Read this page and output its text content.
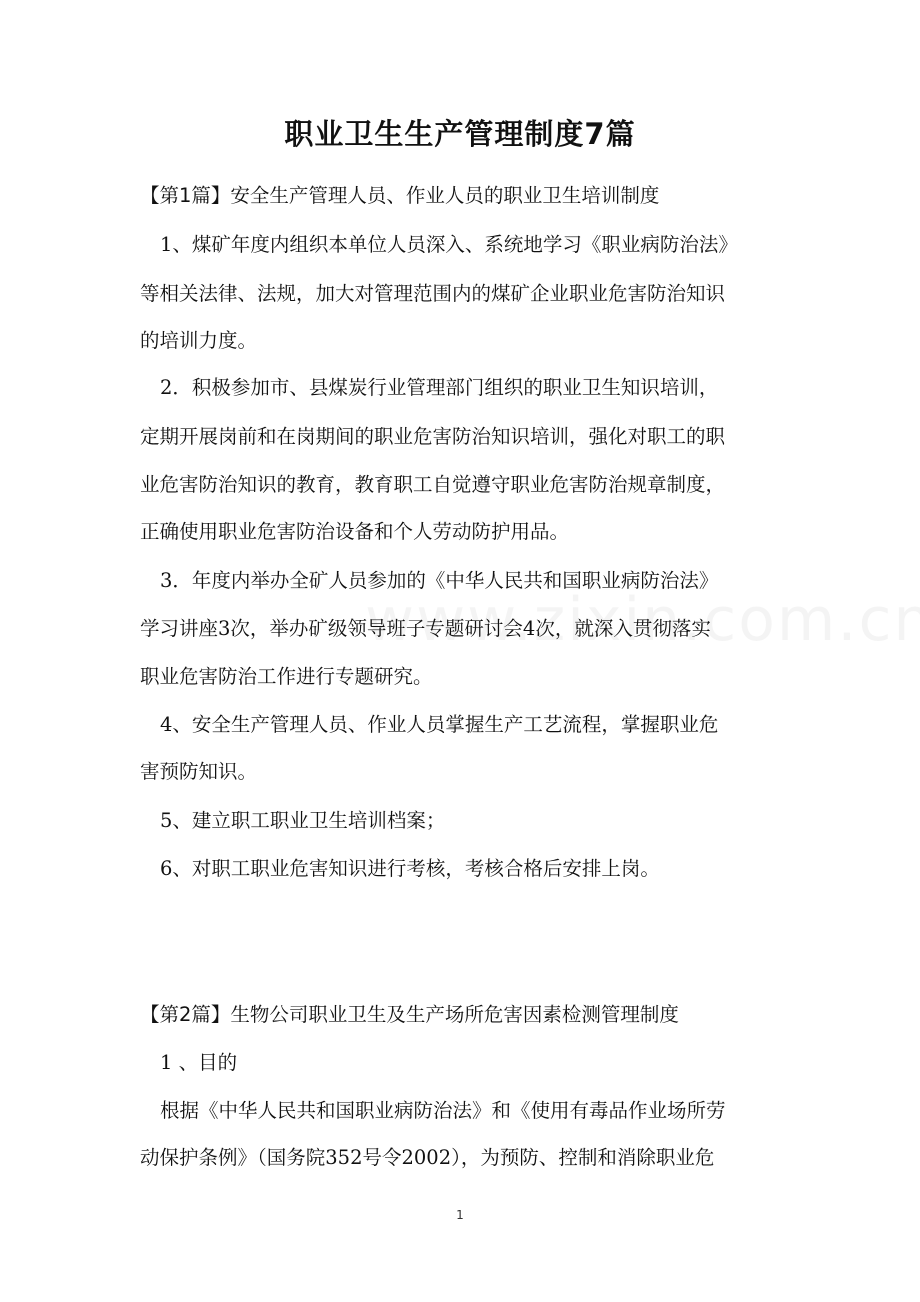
职业卫生生产管理制度7篇

【第1篇】安全生产管理人员、作业人员的职业卫生培训制度

1、煤矿年度内组织本单位人员深入、系统地学习《职业病防治法》

等相关法律、法规，加大对管理范围内的煤矿企业职业危害防治知识

的培训力度。

2．积极参加市、县煤炭行业管理部门组织的职业卫生知识培训，

定期开展岗前和在岗期间的职业危害防治知识培训，强化对职工的职

业危害防治知识的教育，教育职工自觉遵守职业危害防治规章制度，

正确使用职业危害防治设备和个人劳动防护用品。

3．年度内举办全矿人员参加的《中华人民共和国职业病防治法》

学习讲座3次，举办矿级领导班子专题研讨会4次，就深入贯彻落实

职业危害防治工作进行专题研究。

4、安全生产管理人员、作业人员掌握生产工艺流程，掌握职业危

害预防知识。

5、建立职工职业卫生培训档案；

6、对职工职业危害知识进行考核，考核合格后安排上岗。

【第2篇】生物公司职业卫生及生产场所危害因素检测管理制度

1 、目的

根据《中华人民共和国职业病防治法》和《使用有毒品作业场所劳

动保护条例》（国务院352号令2002），为预防、控制和消除职业危

1
